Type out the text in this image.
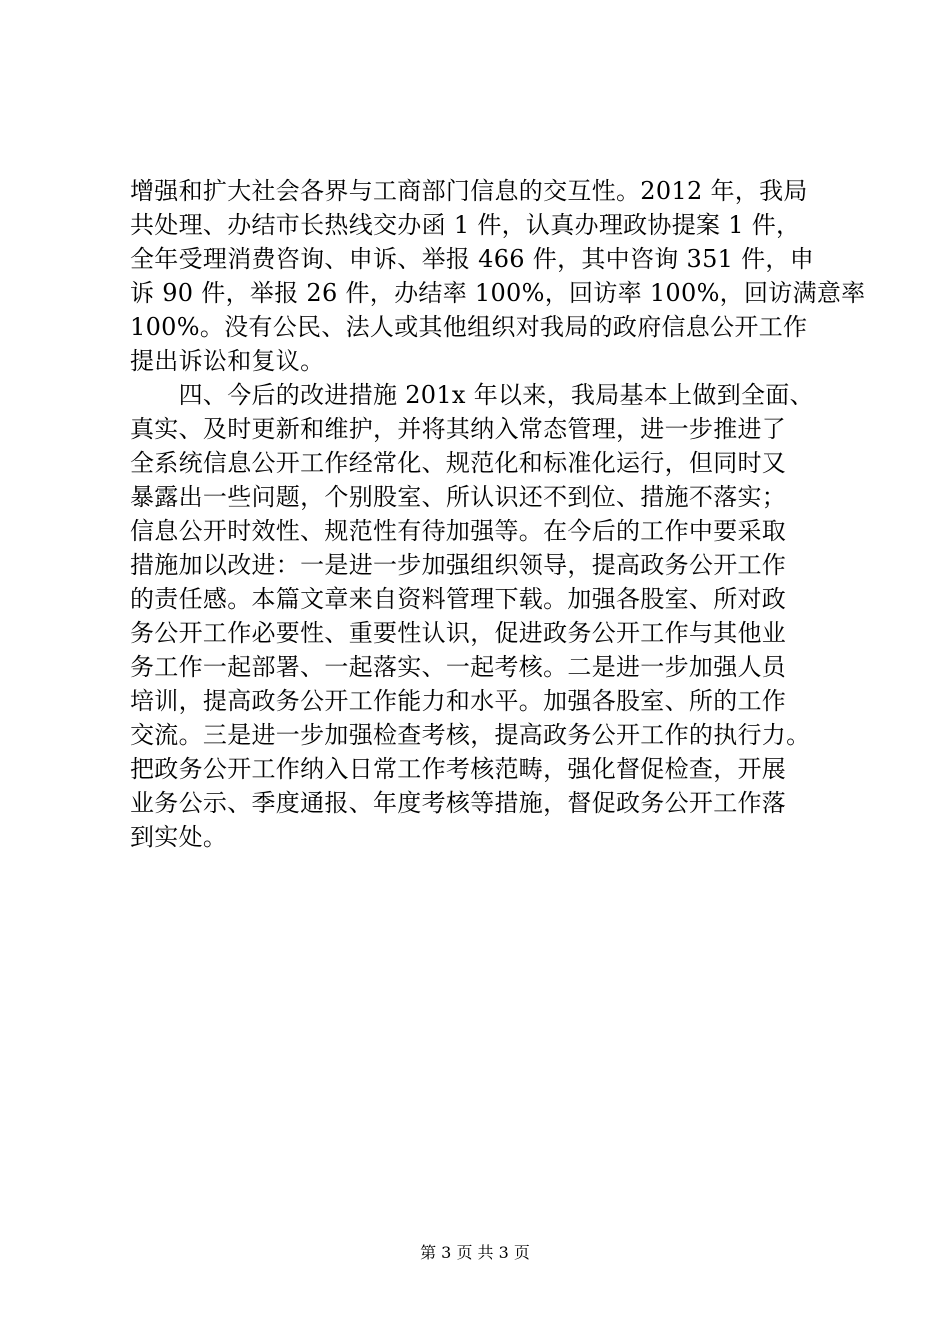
增强和扩大社会各界与工商部门信息的交互性。2012 年，我局
共处理、办结市长热线交办函 1 件，认真办理政协提案 1 件，
全年受理消费咨询、申诉、举报 466 件，其中咨询 351 件，申
诉 90 件，举报 26 件，办结率 100%，回访率 100%，回访满意率
100%。没有公民、法人或其他组织对我局的政府信息公开工作
提出诉讼和复议。
　　四、今后的改进措施 201x 年以来，我局基本上做到全面、
真实、及时更新和维护，并将其纳入常态管理，进一步推进了
全系统信息公开工作经常化、规范化和标准化运行，但同时又
暴露出一些问题，个别股室、所认识还不到位、措施不落实；
信息公开时效性、规范性有待加强等。在今后的工作中要采取
措施加以改进：一是进一步加强组织领导，提高政务公开工作
的责任感。本篇文章来自资料管理下载。加强各股室、所对政
务公开工作必要性、重要性认识，促进政务公开工作与其他业
务工作一起部署、一起落实、一起考核。二是进一步加强人员
培训，提高政务公开工作能力和水平。加强各股室、所的工作
交流。三是进一步加强检查考核，提高政务公开工作的执行力。
把政务公开工作纳入日常工作考核范畴，强化督促检查，开展
业务公示、季度通报、年度考核等措施，督促政务公开工作落
到实处。
第 3 页 共 3 页
